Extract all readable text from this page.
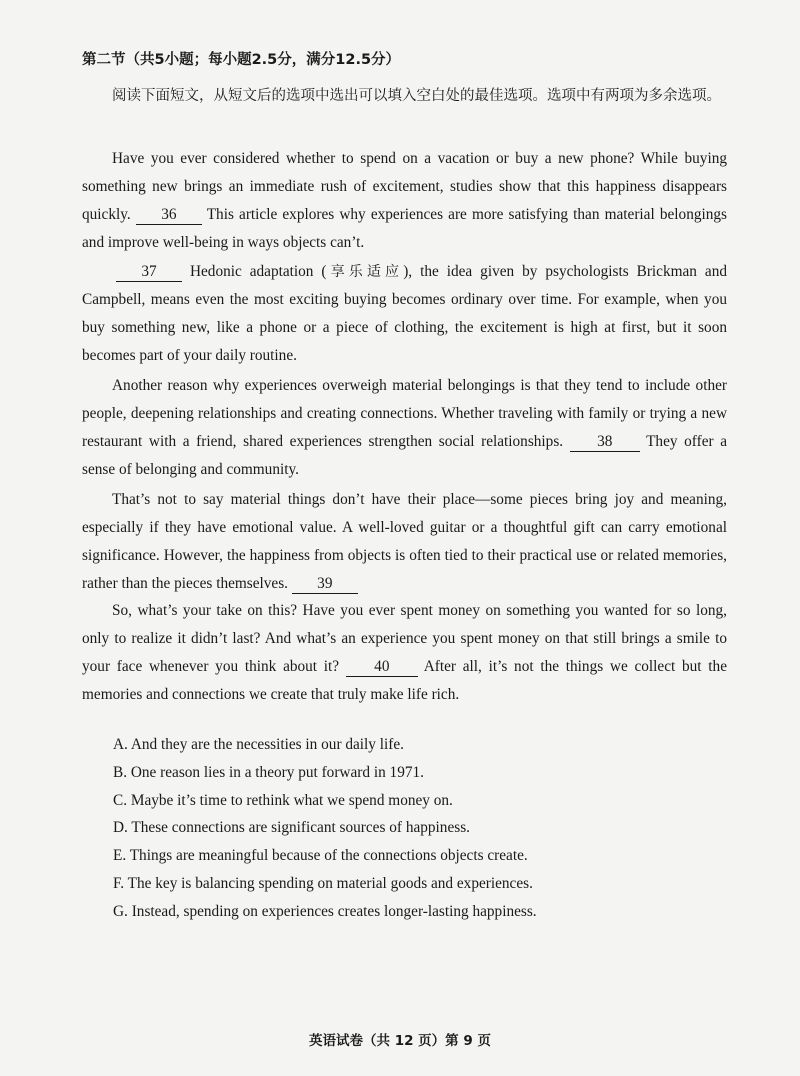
第二节（共5小题；每小题2.5分，满分12.5分）
阅读下面短文，从短文后的选项中选出可以填入空白处的最佳选项。选项中有两项为多余选项。
Have you ever considered whether to spend on a vacation or buy a new phone? While buying something new brings an immediate rush of excitement, studies show that this happiness disappears quickly. 36 This article explores why experiences are more satisfying than material belongings and improve well-being in ways objects can’t.
37 Hedonic adaptation (享乐适应), the idea given by psychologists Brickman and Campbell, means even the most exciting buying becomes ordinary over time. For example, when you buy something new, like a phone or a piece of clothing, the excitement is high at first, but it soon becomes part of your daily routine.
Another reason why experiences overweigh material belongings is that they tend to include other people, deepening relationships and creating connections. Whether traveling with family or trying a new restaurant with a friend, shared experiences strengthen social relationships. 38 They offer a sense of belonging and community.
That’s not to say material things don’t have their place—some pieces bring joy and meaning, especially if they have emotional value. A well-loved guitar or a thoughtful gift can carry emotional significance. However, the happiness from objects is often tied to their practical use or related memories, rather than the pieces themselves. 39
So, what’s your take on this? Have you ever spent money on something you wanted for so long, only to realize it didn’t last? And what’s an experience you spent money on that still brings a smile to your face whenever you think about it? 40 After all, it’s not the things we collect but the memories and connections we create that truly make life rich.
A. And they are the necessities in our daily life.
B. One reason lies in a theory put forward in 1971.
C. Maybe it’s time to rethink what we spend money on.
D. These connections are significant sources of happiness.
E. Things are meaningful because of the connections objects create.
F. The key is balancing spending on material goods and experiences.
G. Instead, spending on experiences creates longer-lasting happiness.
英语试卷（共 12 页）第 9 页
